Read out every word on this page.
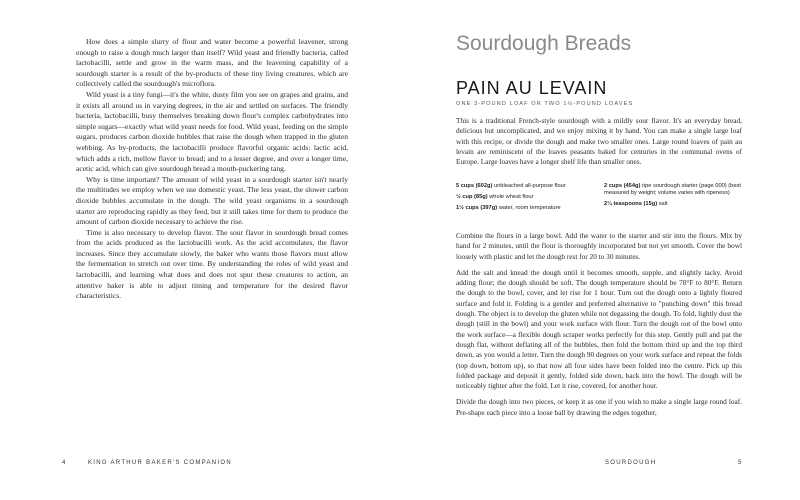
How does a simple slurry of flour and water become a powerful leavener, strong enough to raise a dough much larger than itself? Wild yeast and friendly bacteria, called lactobacilli, settle and grow in the warm mass, and the leavening capability of a sourdough starter is a result of the by-products of these tiny living creatures, which are collectively called the sourdough's microflora.

Wild yeast is a tiny fungi—it's the white, dusty film you see on grapes and grains, and it exists all around us in varying degrees, in the air and settled on surfaces. The friendly bacteria, lactobacilli, busy themselves breaking down flour's complex carbohydrates into simple sugars—exactly what wild yeast needs for food. Wild yeast, feeding on the simple sugars, produces carbon dioxide bubbles that raise the dough when trapped in the gluten webbing. As by-products, the lactobacilli produce flavorful organic acids: lactic acid, which adds a rich, mellow flavor to bread; and to a lesser degree, and over a longer time, acetic acid, which can give sourdough bread a mouth-puckering tang.

Why is time important? The amount of wild yeast in a sourdough starter isn't nearly the multitudes we employ when we use domestic yeast. The less yeast, the slower carbon dioxide bubbles accumulate in the dough. The wild yeast organisms in a sourdough starter are reproducing rapidly as they feed, but it still takes time for them to produce the amount of carbon dioxide necessary to achieve the rise.

Time is also necessary to develop flavor. The sour flavor in sourdough bread comes from the acids produced as the lactobacilli work. As the acid accumulates, the flavor increases. Since they accumulate slowly, the baker who wants those flavors must allow the fermentation to stretch out over time. By understanding the roles of wild yeast and lactobacilli, and learning what does and does not spur these creatures to action, an attentive baker is able to adjust timing and temperature for the desired flavor characteristics.

4	KING ARTHUR BAKER'S COMPANION
Sourdough Breads
PAIN AU LEVAIN
ONE 3-POUND LOAF OR TWO 1½-POUND LOAVES

This is a traditional French-style sourdough with a mildly sour flavor. It's an everyday bread, delicious but uncomplicated, and we enjoy mixing it by hand. You can make a single large loaf with this recipe, or divide the dough and make two smaller ones. Large round loaves of pain au levain are reminiscent of the loaves peasants baked for centuries in the communal ovens of Europe. Large loaves have a longer shelf life than smaller ones.

5 cups (602g) unbleached all-purpose flour
½ cup (85g) whole wheat flour
1½ cups (397g) water, room temperature
2 cups (454g) ripe sourdough starter (page 000) (best measured by weight; volume varies with ripeness)
2¼ teaspoons (15g) salt

Combine the flours in a large bowl. Add the water to the starter and stir into the flours. Mix by hand for 2 minutes, until the flour is thoroughly incorporated but not yet smooth. Cover the bowl loosely with plastic and let the dough rest for 20 to 30 minutes.

Add the salt and knead the dough until it becomes smooth, supple, and slightly tacky. Avoid adding flour; the dough should be soft. The dough temperature should be 78°F to 80°F. Return the dough to the bowl, cover, and let rise for 1 hour. Turn out the dough onto a lightly floured surface and fold it. Folding is a gentler and preferred alternative to "punching down" this bread dough. The object is to develop the gluten while not degassing the dough. To fold, lightly dust the dough (still in the bowl) and your work surface with flour. Turn the dough out of the bowl onto the work surface—a flexible dough scraper works perfectly for this step. Gently pull and pat the dough flat, without deflating all of the bubbles, then fold the bottom third up and the top third down, as you would a letter. Turn the dough 90 degrees on your work surface and repeat the folds (top down, bottom up), so that now all four sides have been folded into the centre. Pick up this folded package and deposit it gently, folded side down, back into the bowl. The dough will be noticeably tighter after the fold. Let it rise, covered, for another hour.

Divide the dough into two pieces, or keep it as one if you wish to make a single large round loaf. Pre-shape each piece into a loose ball by drawing the edges together,

SOURDOUGH	5
